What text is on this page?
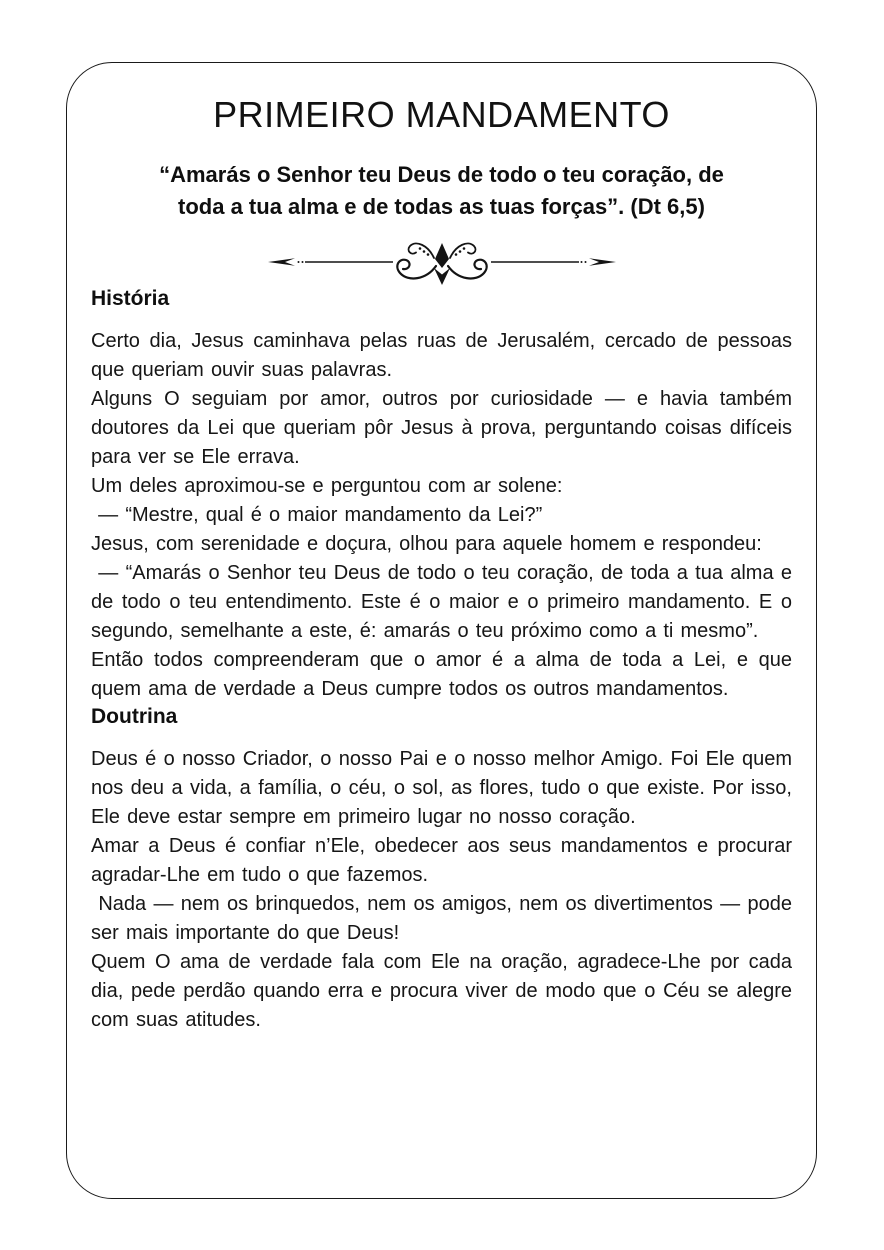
PRIMEIRO MANDAMENTO
“Amarás o Senhor teu Deus de todo o teu coração, de
toda a tua alma e de todas as tuas forças”. (Dt 6,5)
História

Certo dia, Jesus caminhava pelas ruas de Jerusalém, cercado de pessoas que queriam ouvir suas palavras.

Alguns O seguiam por amor, outros por curiosidade — e havia também doutores da Lei que queriam pôr Jesus à prova, perguntando coisas difíceis para ver se Ele errava.

Um deles aproximou-se e perguntou com ar solene:

— “Mestre, qual é o maior mandamento da Lei?”

Jesus, com serenidade e doçura, olhou para aquele homem e respondeu:

— “Amarás o Senhor teu Deus de todo o teu coração, de toda a tua alma e de todo o teu entendimento. Este é o maior e o primeiro mandamento. E o segundo, semelhante a este, é: amarás o teu próximo como a ti mesmo”.

Então todos compreenderam que o amor é a alma de toda a Lei, e que quem ama de verdade a Deus cumpre todos os outros mandamentos.

Doutrina

Deus é o nosso Criador, o nosso Pai e o nosso melhor Amigo. Foi Ele quem nos deu a vida, a família, o céu, o sol, as flores, tudo o que existe. Por isso, Ele deve estar sempre em primeiro lugar no nosso coração.

Amar a Deus é confiar n’Ele, obedecer aos seus mandamentos e procurar agradar-Lhe em tudo o que fazemos.

Nada — nem os brinquedos, nem os amigos, nem os divertimentos — pode ser mais importante do que Deus!

Quem O ama de verdade fala com Ele na oração, agradece-Lhe por cada dia, pede perdão quando erra e procura viver de modo que o Céu se alegre com suas atitudes.
